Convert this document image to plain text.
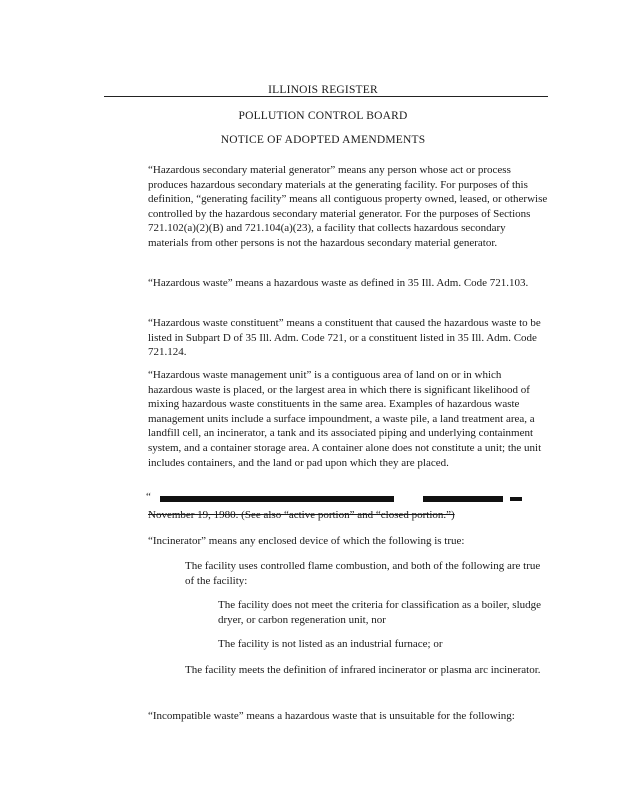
ILLINOIS REGISTER
POLLUTION CONTROL BOARD
NOTICE OF ADOPTED AMENDMENTS

“Hazardous secondary material generator” means any person whose act or process produces hazardous secondary materials at the generating facility. For purposes of this definition, “generating facility” means all contiguous property owned, leased, or otherwise controlled by the hazardous secondary material generator. For the purposes of Sections 721.102(a)(2)(B) and 721.104(a)(23), a facility that collects hazardous secondary materials from other persons is not the hazardous secondary material generator.

“Hazardous waste” means a hazardous waste as defined in 35 Ill. Adm. Code 721.103.

“Hazardous waste constituent” means a constituent that caused the hazardous waste to be listed in Subpart D of 35 Ill. Adm. Code 721, or a constituent listed in 35 Ill. Adm. Code 721.124.

“Hazardous waste management unit” is a contiguous area of land on or in which hazardous waste is placed, or the largest area in which there is significant likelihood of mixing hazardous waste constituents in the same area. Examples of hazardous waste management units include a surface impoundment, a waste pile, a land treatment area, a landfill cell, an incinerator, a tank and its associated piping and underlying containment system, and a container storage area. A container alone does not constitute a unit; the unit includes containers, and the land or pad upon which they are placed.

“

November 19, 1980. (See also “active portion” and “closed portion.”)

“Incinerator” means any enclosed device of which the following is true:

The facility uses controlled flame combustion, and both of the following are true of the facility:

The facility does not meet the criteria for classification as a boiler, sludge dryer, or carbon regeneration unit, nor

The facility is not listed as an industrial furnace; or

The facility meets the definition of infrared incinerator or plasma arc incinerator.

“Incompatible waste” means a hazardous waste that is unsuitable for the following:
